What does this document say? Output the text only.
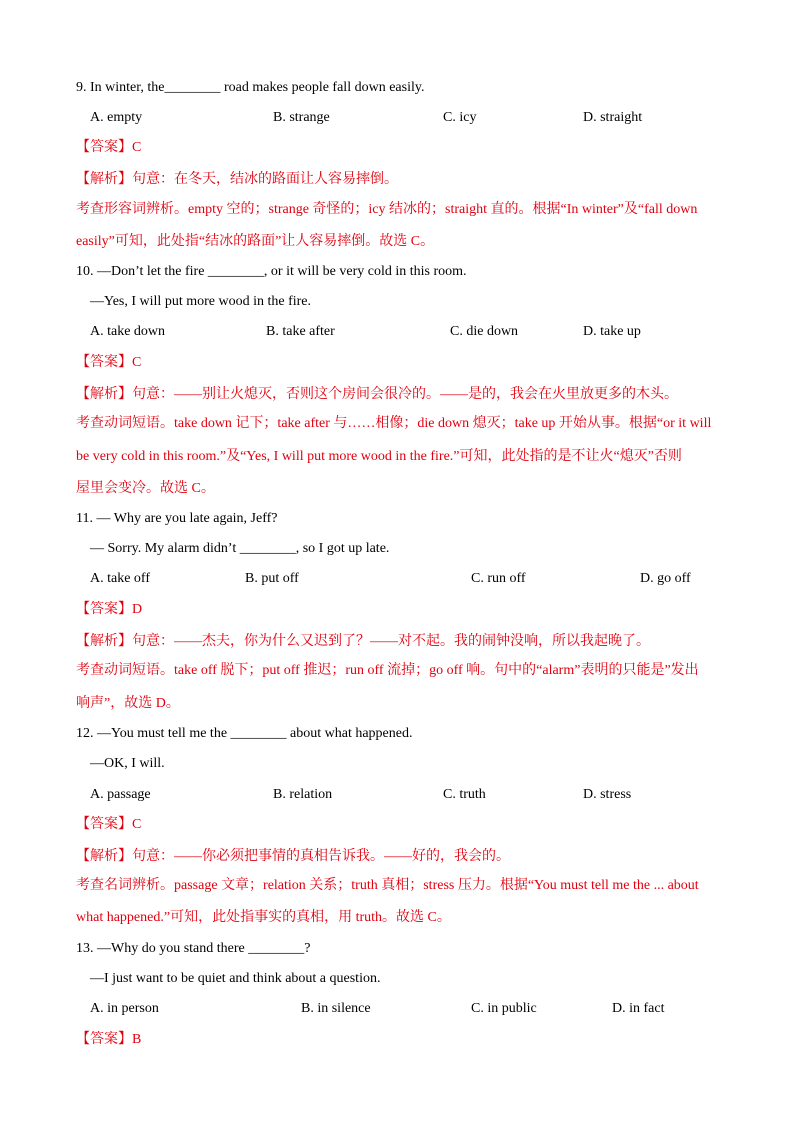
9. In winter, the________ road makes people fall down easily.
A. empty	B. strange	C. icy	D. straight
【答案】C
【解析】句意：在冬天，结冰的路面让人容易摔倒。
考查形容词辨析。empty 空的；strange 奇怪的；icy 结冰的；straight 直的。根据“In winter”及“fall down
easily”可知，此处指“结冰的路面”让人容易摔倒。故选 C。
10. —Don’t let the fire ________, or it will be very cold in this room.
—Yes, I will put more wood in the fire.
A. take down	B. take after	C. die down	D. take up
【答案】C
【解析】句意：——别让火熄灭，否则这个房间会很冷的。——是的，我会在火里放更多的木头。
考查动词短语。take down 记下；take after 与……相像；die down 熄灭；take up 开始从事。根据“or it will
be very cold in this room.”及“Yes, I will put more wood in the fire.”可知，此处指的是不让火“熄灭”否则
屋里会变冷。故选 C。
11. — Why are you late again, Jeff?
— Sorry. My alarm didn’t ________, so I got up late.
A. take off	B. put off	C. run off	D. go off
【答案】D
【解析】句意：——杰夫，你为什么又迟到了？——对不起。我的闹钟没响，所以我起晚了。
考查动词短语。take off 脱下；put off 推迟；run off 流掉；go off 响。句中的“alarm”表明的只能是”发出
响声”，故选 D。
12. —You must tell me the ________ about what happened.
—OK, I will.
A. passage	B. relation	C. truth	D. stress
【答案】C
【解析】句意：——你必须把事情的真相告诉我。——好的，我会的。
考查名词辨析。passage 文章；relation 关系；truth 真相；stress 压力。根据“You must tell me the ... about
what happened.”可知，此处指事实的真相，用 truth。故选 C。
13. —Why do you stand there ________?
—I just want to be quiet and think about a question.
A. in person	B. in silence	C. in public	D. in fact
【答案】B
